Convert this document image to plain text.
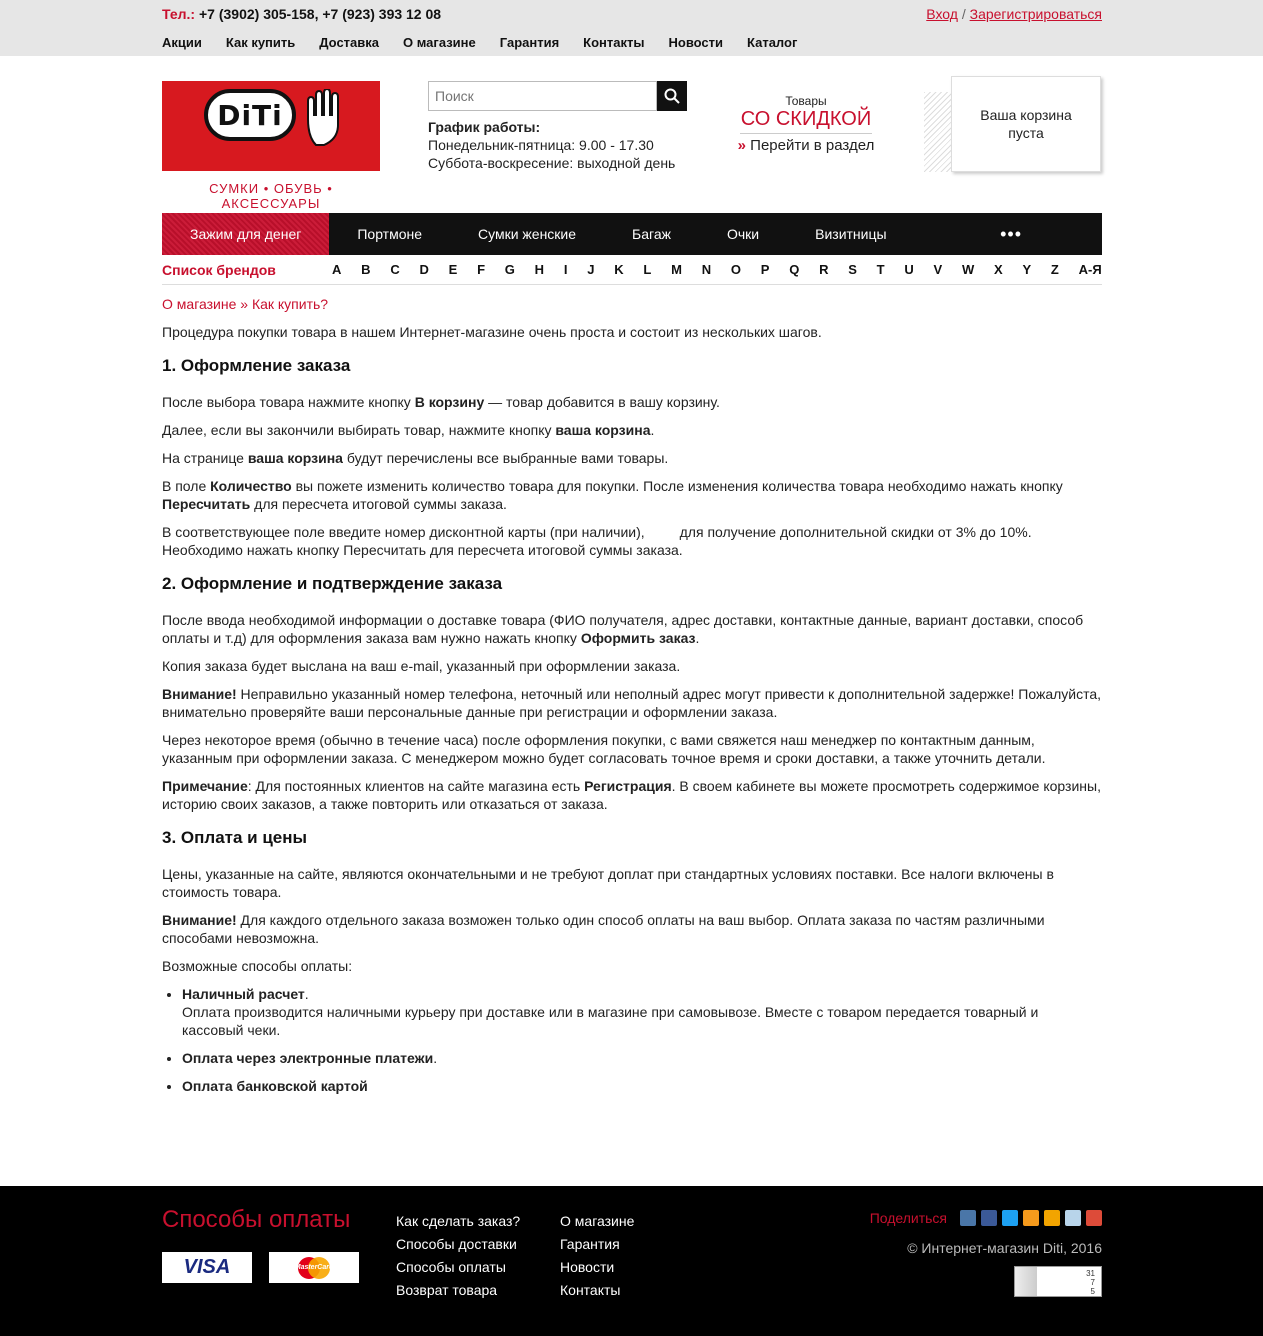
Тел.: +7 (3902) 305-158, +7 (923) 393 12 08	Вход / Зарегистрироваться
Акции Как купить Доставка О магазине Гарантия Контакты Новости Каталог
DiTi
СУМКИ • ОБУВЬ • АКСЕССУАРЫ
Поиск
График работы:
Понедельник-пятница: 9.00 - 17.30
Суббота-воскресение: выходной день
Товары
СО СКИДКОЙ
» Перейти в раздел
Ваша корзина
пуста
Зажим для денег	Портмоне	Сумки женские	Багаж	Очки	Визитницы	•••
Список брендов	A B C D E F G H I J K L M N O P Q R S T U V W X Y Z А-Я
О магазине » Как купить?

Процедура покупки товара в нашем Интернет-магазине очень проста и состоит из нескольких шагов.

1. Оформление заказа

После выбора товара нажмите кнопку В корзину — товар добавится в вашу корзину.

Далее, если вы закончили выбирать товар, нажмите кнопку ваша корзина.

На странице ваша корзина будут перечислены все выбранные вами товары.

В поле Количество вы пожете изменить количество товара для покупки. После изменения количества товара необходимо нажать кнопку Пересчитать для пересчета итоговой суммы заказа.

В соответствующее поле введите номер дисконтной карты (при наличии),         для получение дополнительной скидки от 3% до 10%. Необходимо нажать кнопку Пересчитать для пересчета итоговой суммы заказа.

2. Оформление и подтверждение заказа

После ввода необходимой информации о доставке товара (ФИО получателя, адрес доставки, контактные данные, вариант доставки, способ оплаты и т.д) для оформления заказа вам нужно нажать кнопку Оформить заказ.

Копия заказа будет выслана на ваш e-mail, указанный при оформлении заказа.

Внимание! Неправильно указанный номер телефона, неточный или неполный адрес могут привести к дополнительной задержке! Пожалуйста, внимательно проверяйте ваши персональные данные при регистрации и оформлении заказа.

Через некоторое время (обычно в течение часа) после оформления покупки, с вами свяжется наш менеджер по контактным данным, указанным при оформлении заказа. С менеджером можно будет согласовать точное время и сроки доставки, а также уточнить детали.

Примечание: Для постоянных клиентов на сайте магазина есть Регистрация. В своем кабинете вы можете просмотреть содержимое корзины, историю своих заказов, а также повторить или отказаться от заказа.

3. Оплата и цены

Цены, указанные на сайте, являются окончательными и не требуют доплат при стандартных условиях поставки. Все налоги включены в стоимость товара.

Внимание! Для каждого отдельного заказа возможен только один способ оплаты на ваш выбор. Оплата заказа по частям различными способами невозможна.

Возможные способы оплаты:

• Наличный расчет.
Оплата производится наличными курьеру при доставке или в магазине при самовывозе. Вместе с товаром передается товарный и кассовый чеки.
• Оплата через электронные платежи.
• Оплата банковской картой
Способы оплаты
VISA	MasterCard
Как сделать заказ?
Способы доставки
Способы оплаты
Возврат товара
О магазине
Гарантия
Новости
Контакты
Поделиться
© Интернет-магазин Diti, 2016
31
7
5
